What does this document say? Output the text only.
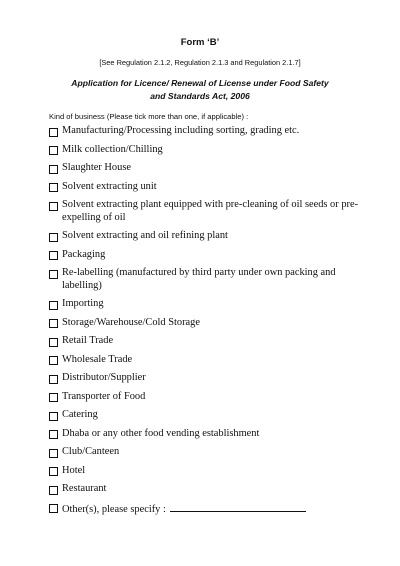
Form ‘B’
[See Regulation 2.1.2, Regulation 2.1.3 and Regulation 2.1.7]
Application for Licence/ Renewal of License under Food Safety
and Standards Act, 2006
Kind of business (Please tick more than one, if applicable) :
Manufacturing/Processing including sorting, grading etc.
Milk collection/Chilling
Slaughter House
Solvent extracting unit
Solvent extracting plant equipped with pre-cleaning of oil seeds or pre-expelling of oil
Solvent extracting and oil refining plant
Packaging
Re-labelling (manufactured by third party under own packing and labelling)
Importing
Storage/Warehouse/Cold Storage
Retail Trade
Wholesale Trade
Distributor/Supplier
Transporter of Food
Catering
Dhaba or any other food vending establishment
Club/Canteen
Hotel
Restaurant
Other(s), please specify :
